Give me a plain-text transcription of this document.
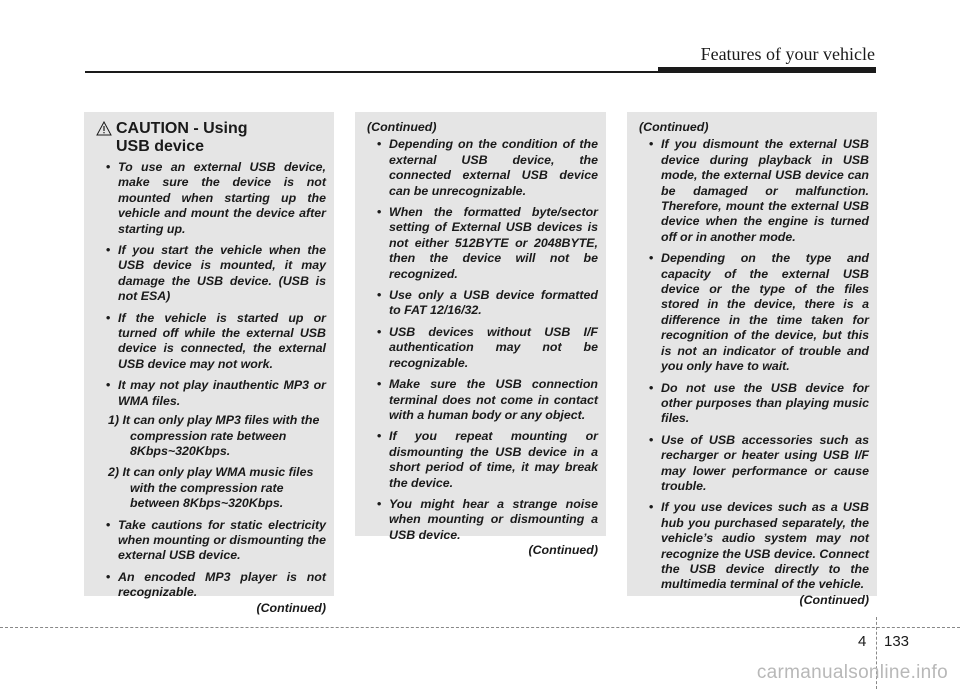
Features of your vehicle
CAUTION - Using
USB device
• To use an external USB device, make sure the device is not mounted when starting up the vehicle and mount the device after starting up.
• If you start the vehicle when the USB device is mounted, it may damage the USB device. (USB is not ESA)
• If the vehicle is started up or turned off while the external USB device is connected, the external USB device may not work.
• It may not play inauthentic MP3 or WMA files.
1) It can only play MP3 files with the compression rate between 8Kbps~320Kbps.
2) It can only play WMA music files with the compression rate between 8Kbps~320Kbps.
• Take cautions for static electricity when mounting or dismounting the external USB device.
• An encoded MP3 player is not recognizable.
(Continued)
(Continued)
• Depending on the condition of the external USB device, the connected external USB device can be unrecognizable.
• When the formatted byte/sector setting of External USB devices is not either 512BYTE or 2048BYTE, then the device will not be recognized.
• Use only a USB device formatted to FAT 12/16/32.
• USB devices without USB I/F authentication may not be recognizable.
• Make sure the USB connection terminal does not come in contact with a human body or any object.
• If you repeat mounting or dismounting the USB device in a short period of time, it may break the device.
• You might hear a strange noise when mounting or dismounting a USB device.
(Continued)
(Continued)
• If you dismount the external USB device during playback in USB mode, the external USB device can be damaged or malfunction. Therefore, mount the external USB device when the engine is turned off or in another mode.
• Depending on the type and capacity of the external USB device or the type of the files stored in the device, there is a difference in the time taken for recognition of the device, but this is not an indicator of trouble and you only have to wait.
• Do not use the USB device for other purposes than playing music files.
• Use of USB accessories such as recharger or heater using USB I/F may lower performance or cause trouble.
• If you use devices such as a USB hub you purchased separately, the vehicle’s audio system may not recognize the USB device. Connect the USB device directly to the multimedia terminal of the vehicle.
(Continued)
4 133
carmanualsonline.info
